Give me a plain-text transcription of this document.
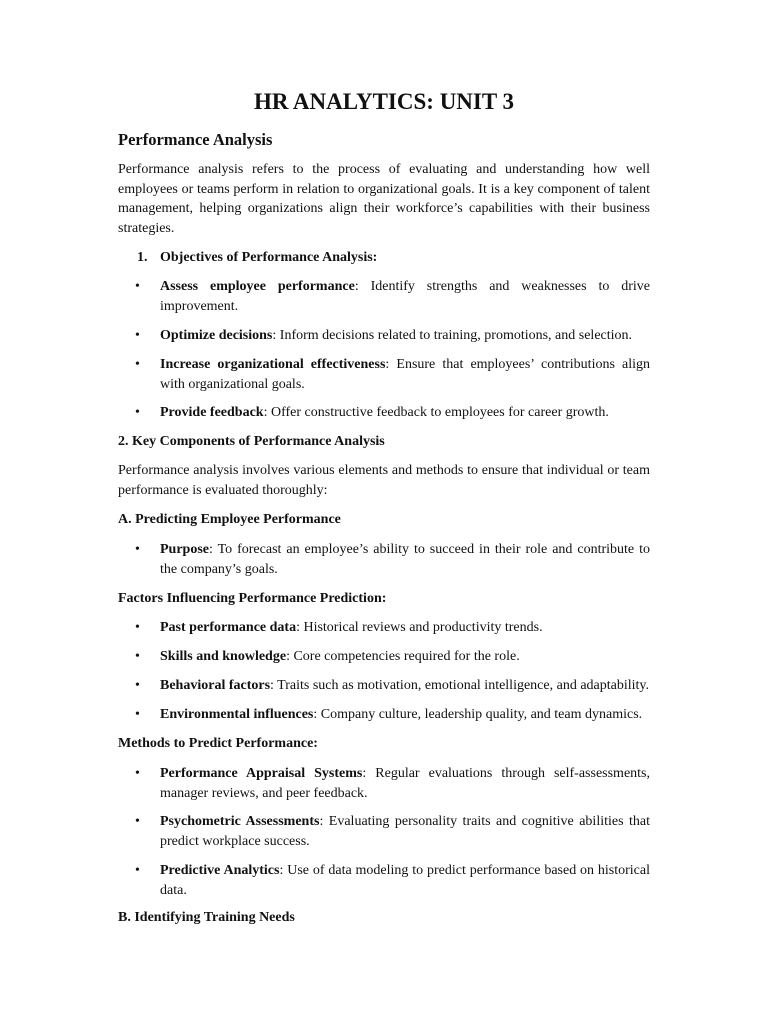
HR ANALYTICS: UNIT 3
Performance Analysis

Performance analysis refers to the process of evaluating and understanding how well employees or teams perform in relation to organizational goals. It is a key component of talent management, helping organizations align their workforce’s capabilities with their business strategies.

1. Objectives of Performance Analysis:
• Assess employee performance: Identify strengths and weaknesses to drive improvement.

• Optimize decisions: Inform decisions related to training, promotions, and selection.

• Increase organizational effectiveness: Ensure that employees’ contributions align with organizational goals.

• Provide feedback: Offer constructive feedback to employees for career growth.

2. Key Components of Performance Analysis

Performance analysis involves various elements and methods to ensure that individual or team performance is evaluated thoroughly:

A. Predicting Employee Performance
• Purpose: To forecast an employee’s ability to succeed in their role and contribute to the company’s goals.

Factors Influencing Performance Prediction:
• Past performance data: Historical reviews and productivity trends.

• Skills and knowledge: Core competencies required for the role.

• Behavioral factors: Traits such as motivation, emotional intelligence, and adaptability.

• Environmental influences: Company culture, leadership quality, and team dynamics.

Methods to Predict Performance:
• Performance Appraisal Systems: Regular evaluations through self-assessments, manager reviews, and peer feedback.

• Psychometric Assessments: Evaluating personality traits and cognitive abilities that predict workplace success.

• Predictive Analytics: Use of data modeling to predict performance based on historical data.

B. Identifying Training Needs
